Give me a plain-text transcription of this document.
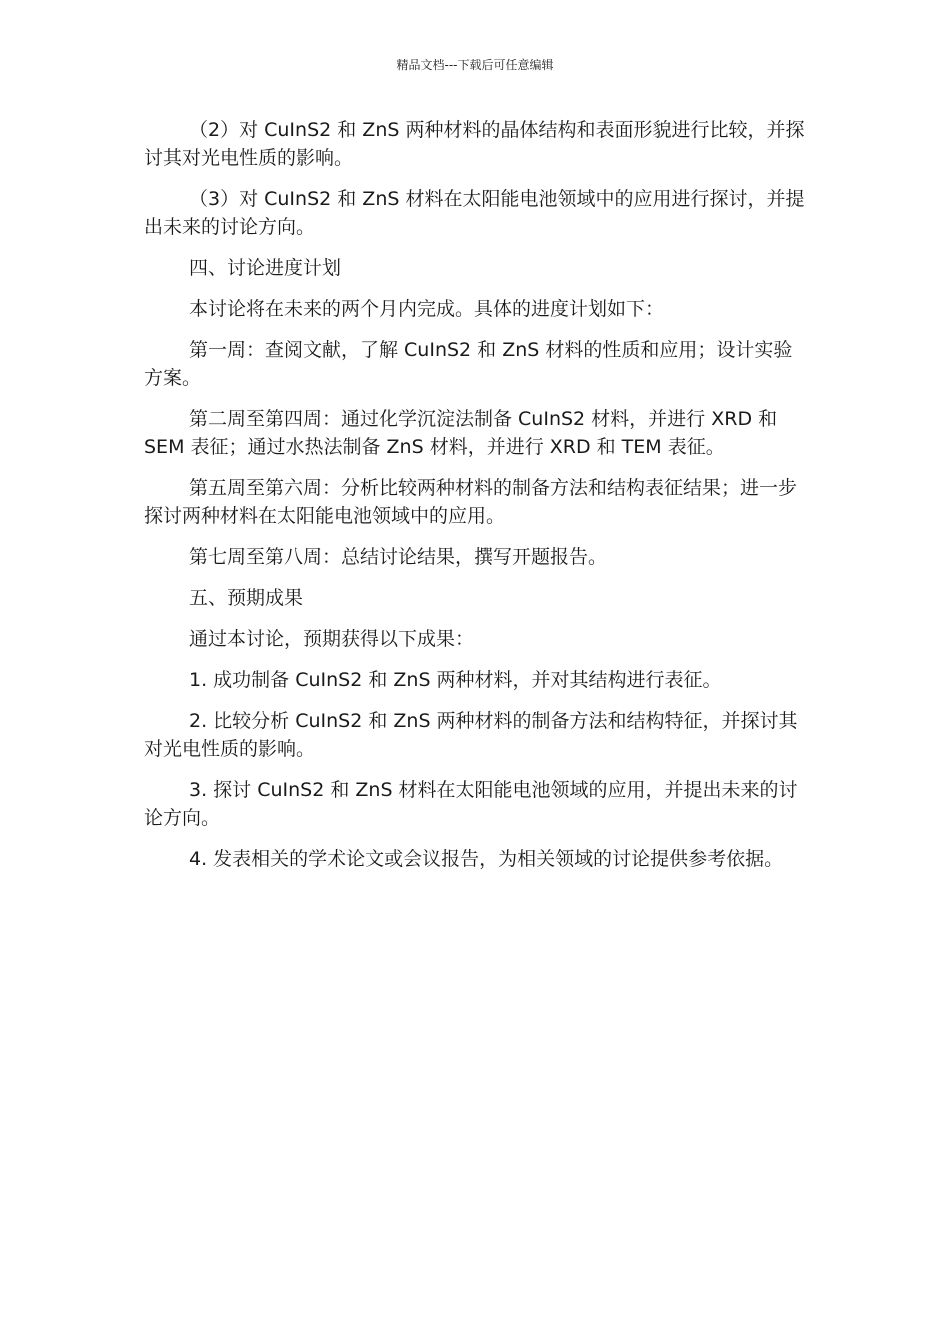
精品文档---下载后可任意编辑

（2）对 CuInS2 和 ZnS 两种材料的晶体结构和表面形貌进行比较，并探讨其对光电性质的影响。

（3）对 CuInS2 和 ZnS 材料在太阳能电池领域中的应用进行探讨，并提出未来的讨论方向。

四、讨论进度计划

本讨论将在未来的两个月内完成。具体的进度计划如下：

第一周：查阅文献，了解 CuInS2 和 ZnS 材料的性质和应用；设计实验方案。

第二周至第四周：通过化学沉淀法制备 CuInS2 材料，并进行 XRD 和 SEM 表征；通过水热法制备 ZnS 材料，并进行 XRD 和 TEM 表征。

第五周至第六周：分析比较两种材料的制备方法和结构表征结果；进一步探讨两种材料在太阳能电池领域中的应用。

第七周至第八周：总结讨论结果，撰写开题报告。

五、预期成果

通过本讨论，预期获得以下成果：

1. 成功制备 CuInS2 和 ZnS 两种材料，并对其结构进行表征。

2. 比较分析 CuInS2 和 ZnS 两种材料的制备方法和结构特征，并探讨其对光电性质的影响。

3. 探讨 CuInS2 和 ZnS 材料在太阳能电池领域的应用，并提出未来的讨论方向。

4. 发表相关的学术论文或会议报告，为相关领域的讨论提供参考依据。
